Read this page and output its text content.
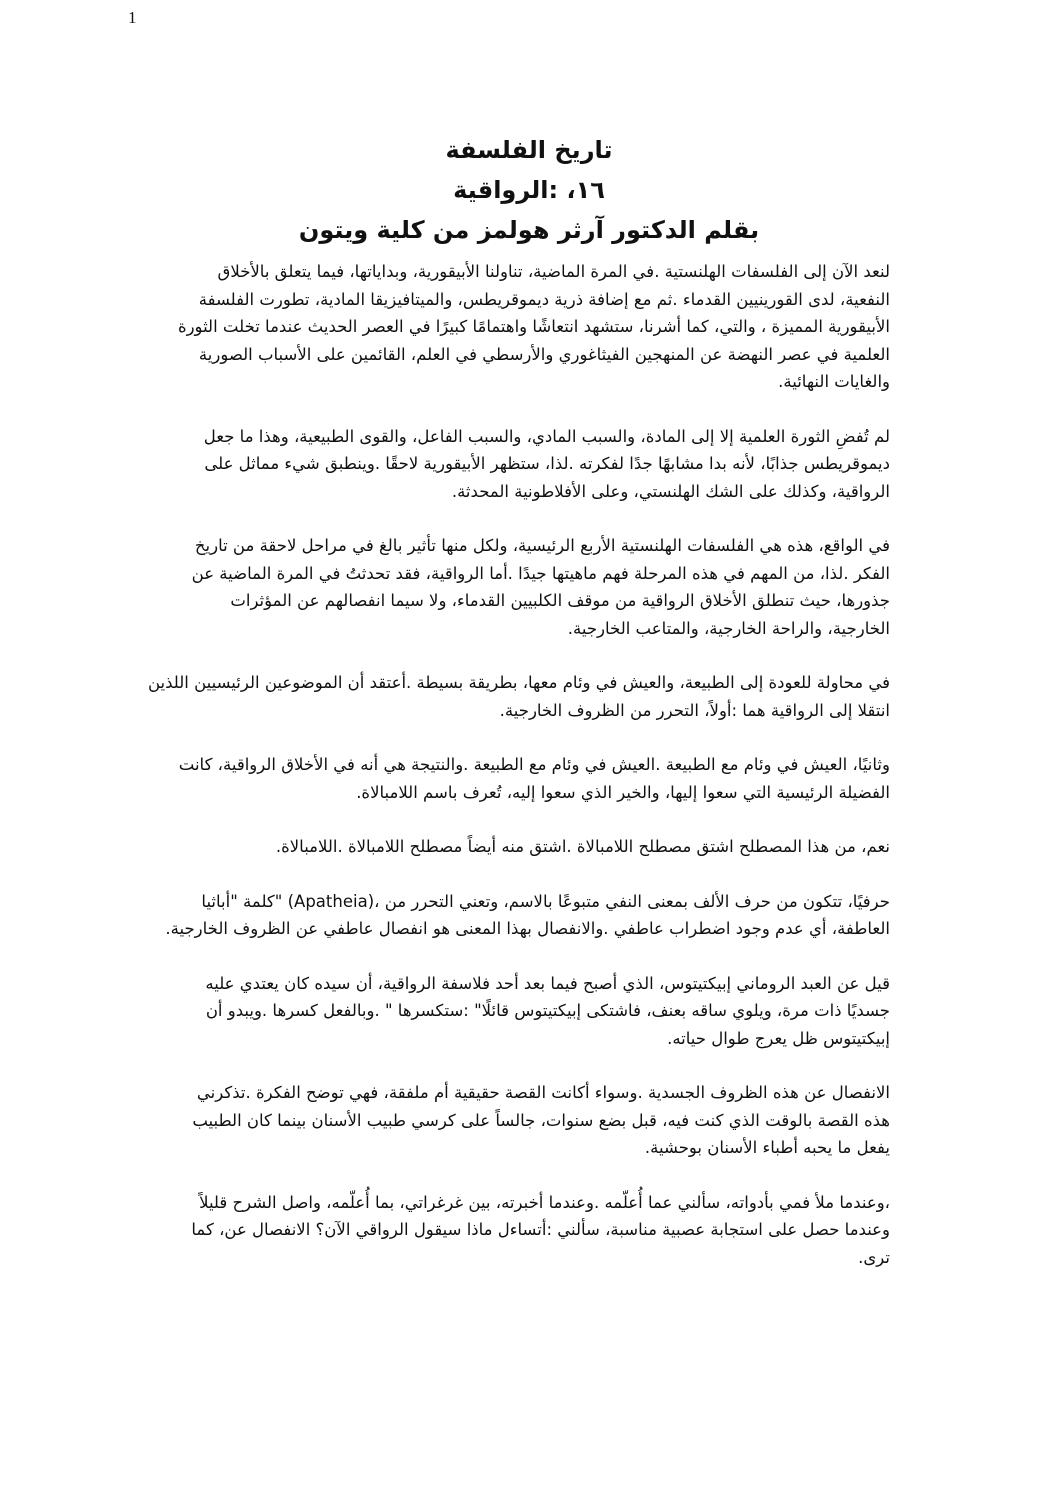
1
تاريخ الفلسفة
١٦، :الرواقية
بقلم الدكتور آرثر هولمز من كلية ويتون
لنعد الآن إلى الفلسفات الهلنستية .في المرة الماضية، تناولنا الأبيقورية، وبداياتها، فيما يتعلق بالأخلاق
النفعية، لدى القورينيين القدماء .ثم مع إضافة ذرية ديموقريطس، والميتافيزيقا المادية، تطورت الفلسفة
الأبيقورية المميزة ، والتي، كما أشرنا، ستشهد انتعاشًا واهتمامًا كبيرًا في العصر الحديث عندما تخلت الثورة
العلمية في عصر النهضة عن المنهجين الفيثاغوري والأرسطي في العلم، القائمين على الأسباب الصورية
والغايات النهائية.
لم تُفضِ الثورة العلمية إلا إلى المادة، والسبب المادي، والسبب الفاعل، والقوى الطبيعية، وهذا ما جعل
ديموقريطس جذابًا، لأنه بدا مشابهًا جدًا لفكرته .لذا، ستظهر الأبيقورية لاحقًا .وينطبق شيء مماثل على
الرواقية، وكذلك على الشك الهلنستي، وعلى الأفلاطونية المحدثة.
في الواقع، هذه هي الفلسفات الهلنستية الأربع الرئيسية، ولكل منها تأثير بالغ في مراحل لاحقة من تاريخ
الفكر .لذا، من المهم في هذه المرحلة فهم ماهيتها جيدًا .أما الرواقية، فقد تحدثتُ في المرة الماضية عن
جذورها، حيث تنطلق الأخلاق الرواقية من موقف الكلبيين القدماء، ولا سيما انفصالهم عن المؤثرات
الخارجية، والراحة الخارجية، والمتاعب الخارجية.
في محاولة للعودة إلى الطبيعة، والعيش في وئام معها، بطريقة بسيطة .أعتقد أن الموضوعين الرئيسيين اللذين
انتقلا إلى الرواقية هما :أولاً، التحرر من الظروف الخارجية.
وثانيًا، العيش في وئام مع الطبيعة .العيش في وئام مع الطبيعة .والنتيجة هي أنه في الأخلاق الرواقية، كانت
الفضيلة الرئيسية التي سعوا إليها، والخير الذي سعوا إليه، تُعرف باسم اللامبالاة.
نعم، من هذا المصطلح اشتق مصطلح اللامبالاة .اشتق منه أيضاً مصطلح اللامبالاة .اللامبالاة.
حرفيًا، تتكون من حرف الألف بمعنى النفي متبوعًا بالاسم، وتعني التحرر من ،(Apatheia) "كلمة "أباثيا
العاطفة، أي عدم وجود اضطراب عاطفي .والانفصال بهذا المعنى هو انفصال عاطفي عن الظروف الخارجية.
قيل عن العبد الروماني إبيكتيتوس، الذي أصبح فيما بعد أحد فلاسفة الرواقية، أن سيده كان يعتدي عليه
جسديًا ذات مرة، ويلوي ساقه بعنف، فاشتكى إبيكتيتوس قائلًا" :ستكسرها " .وبالفعل كسرها .ويبدو أن
إبيكتيتوس ظل يعرج طوال حياته.
الانفصال عن هذه الظروف الجسدية .وسواء أكانت القصة حقيقية أم ملفقة، فهي توضح الفكرة .تذكرني
هذه القصة بالوقت الذي كنت فيه، قبل بضع سنوات، جالساً على كرسي طبيب الأسنان بينما كان الطبيب
يفعل ما يحبه أطباء الأسنان بوحشية.
،وعندما ملأ فمي بأدواته، سألني عما أُعلّمه .وعندما أخبرته، بين غرغراتي، بما أُعلّمه، واصل الشرح قليلاً
وعندما حصل على استجابة عصبية مناسبة، سألني :أتساءل ماذا سيقول الرواقي الآن؟ الانفصال عن، كما
ترى.
